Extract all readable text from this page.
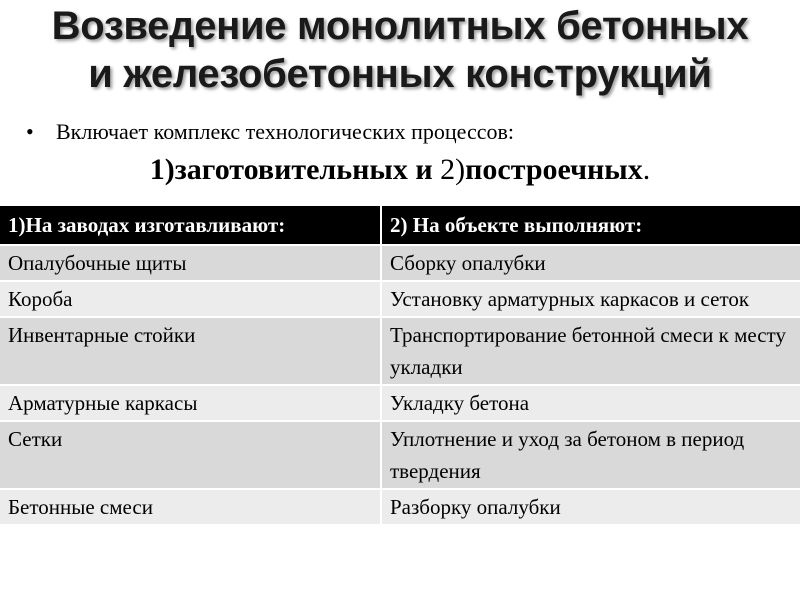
Возведение монолитных бетонных
и железобетонных конструкций
• Включает комплекс технологических процессов:
1)заготовительных и 2)построечных.
1)На заводах изготавливают:	2) На объекте выполняют:
Опалубочные щиты	Сборку опалубки
Короба	Установку арматурных каркасов и сеток
Инвентарные стойки	Транспортирование бетонной смеси к месту укладки
Арматурные каркасы	Укладку бетона
Сетки	Уплотнение и уход за бетоном в период твердения
Бетонные смеси	Разборку опалубки
